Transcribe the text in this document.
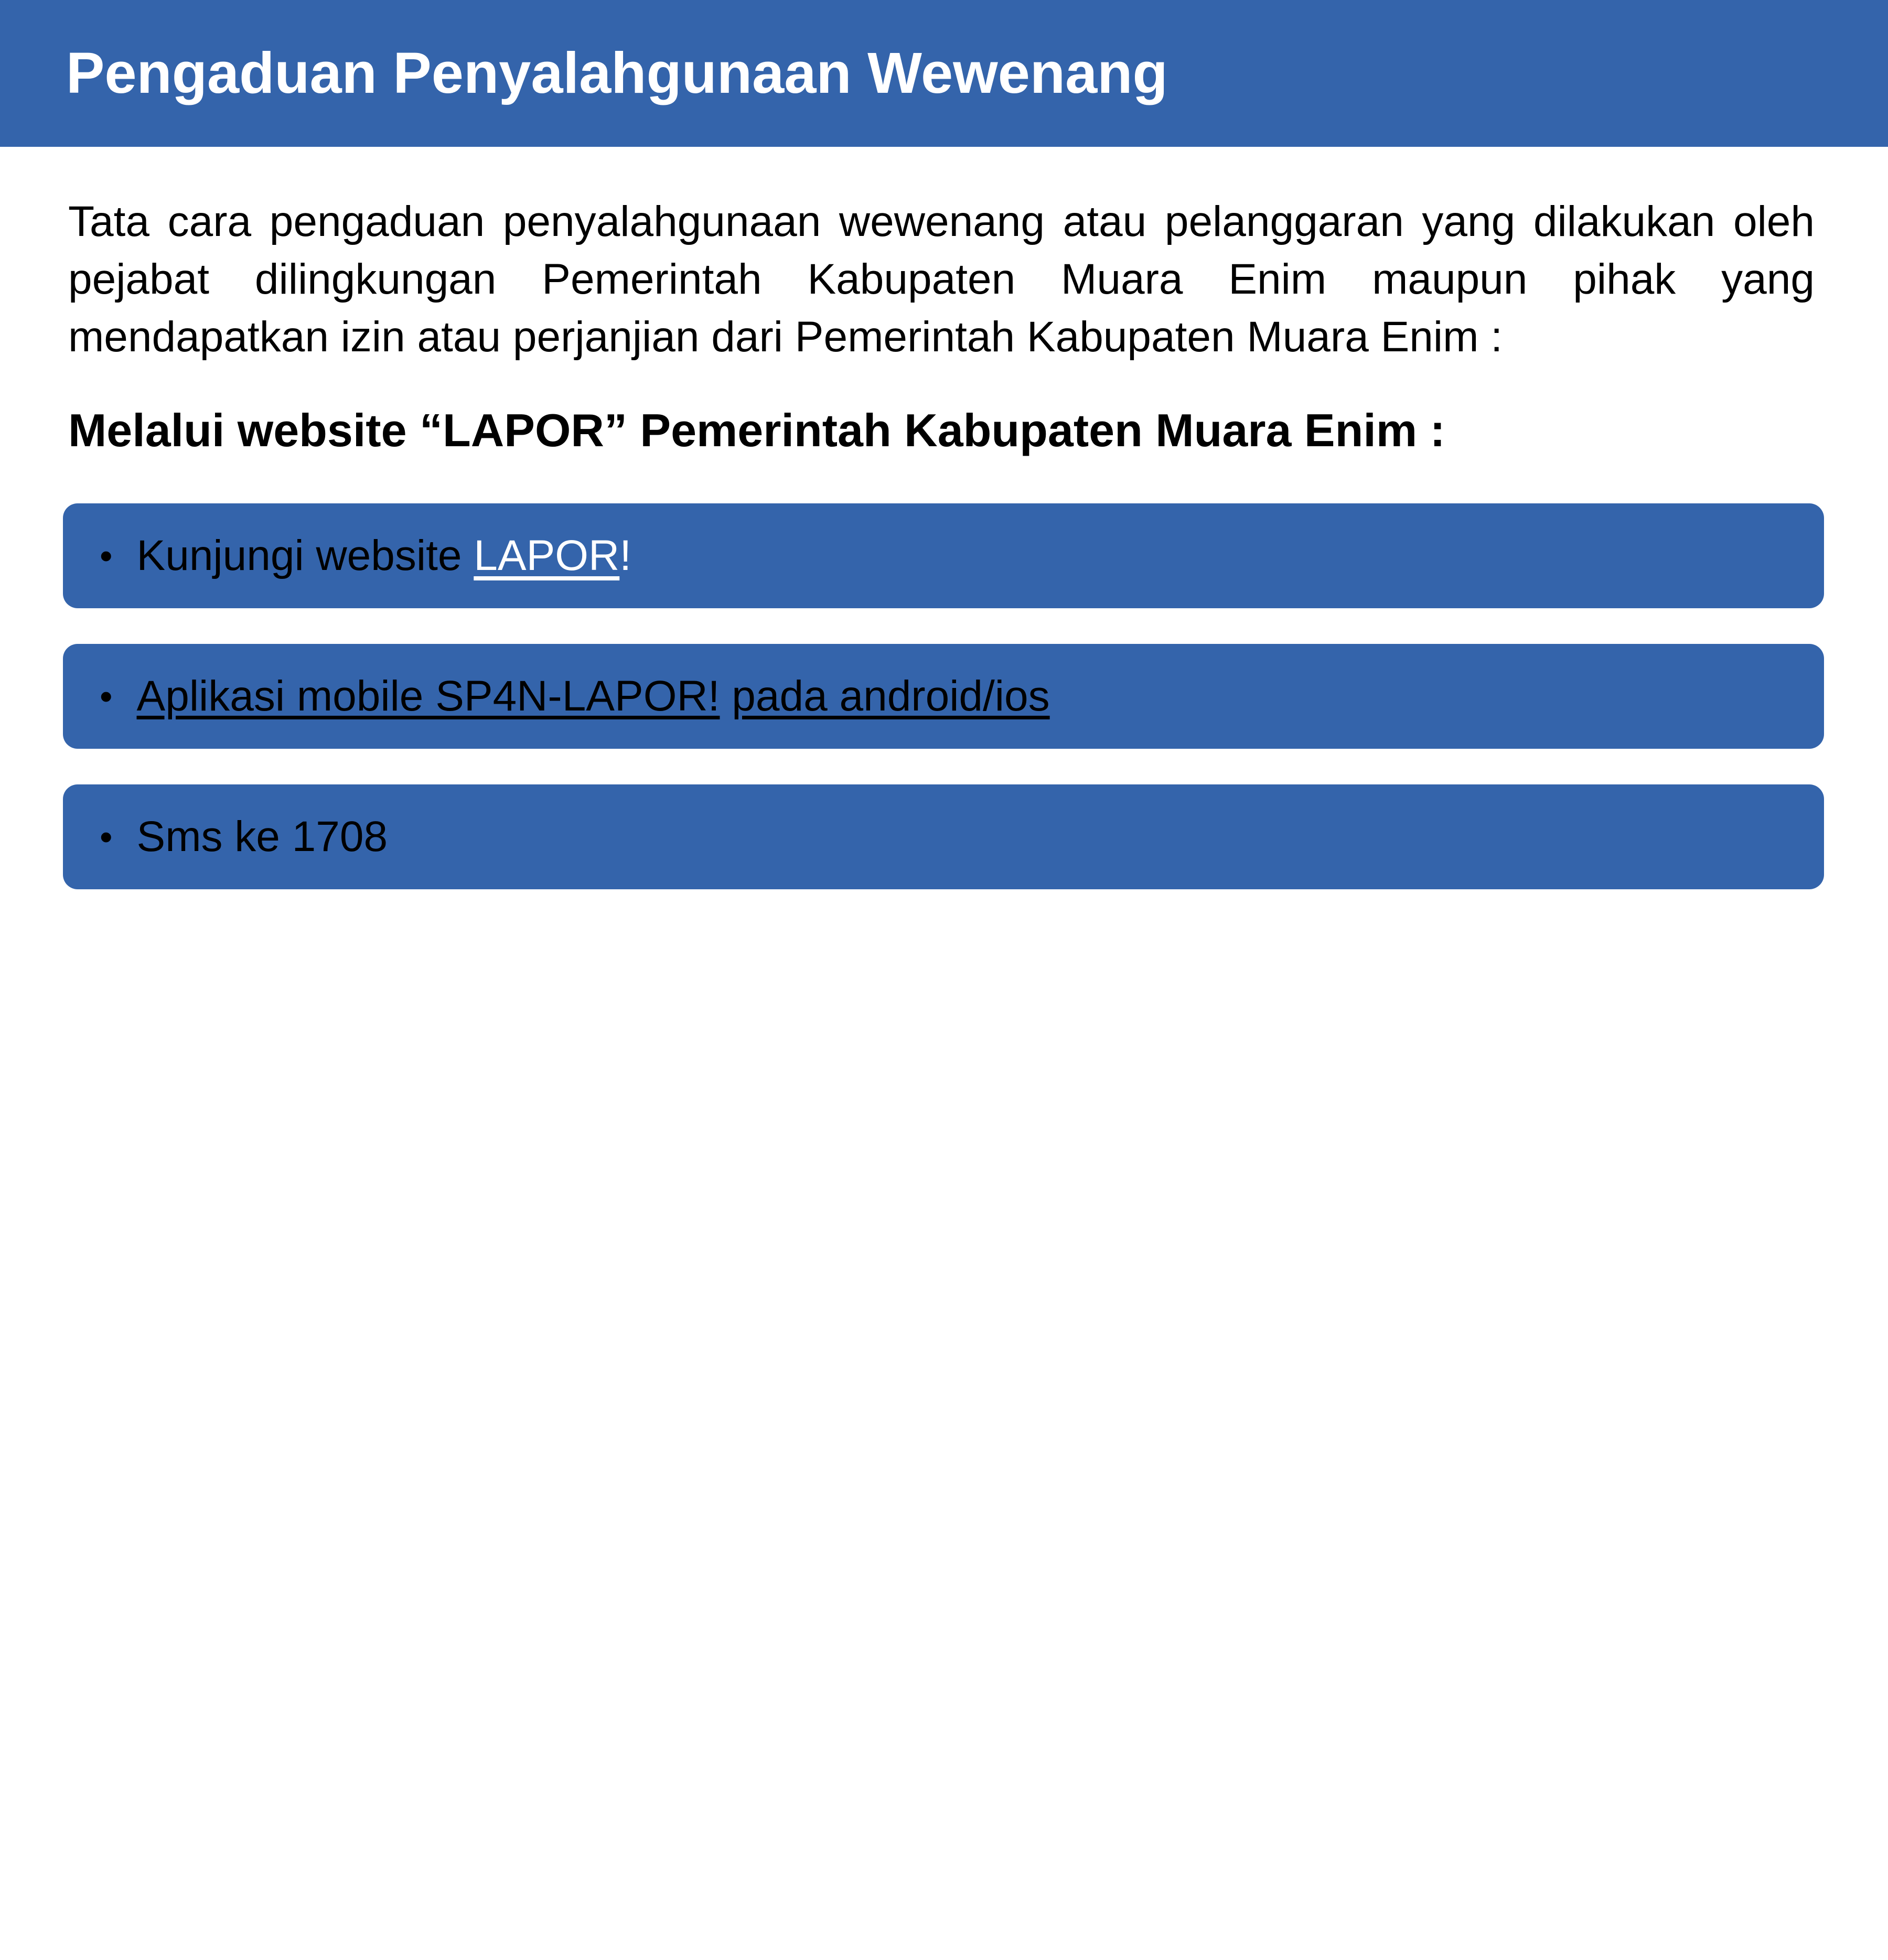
Pengaduan Penyalahgunaan Wewenang

Tata cara pengaduan penyalahgunaan wewenang atau pelanggaran yang dilakukan oleh pejabat dilingkungan Pemerintah Kabupaten Muara Enim maupun pihak yang mendapatkan izin atau perjanjian dari Pemerintah Kabupaten Muara Enim :

Melalui website “LAPOR” Pemerintah Kabupaten Muara Enim :
• Kunjungi website LAPOR!
• Aplikasi mobile SP4N-LAPOR! pada android/ios
• Sms ke 1708
